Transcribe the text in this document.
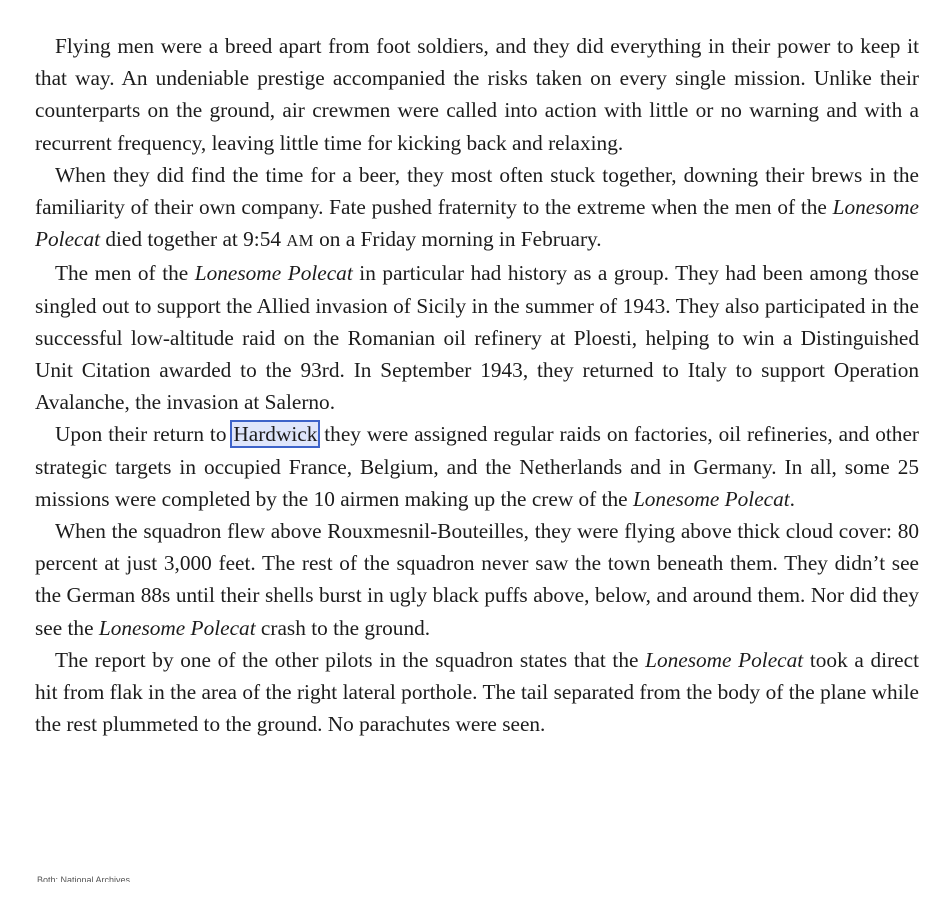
Flying men were a breed apart from foot soldiers, and they did everything in their power to keep it that way. An undeniable prestige accompanied the risks taken on every single mission. Unlike their counterparts on the ground, air crewmen were called into action with little or no warning and with a recurrent frequency, leaving little time for kicking back and relaxing.

When they did find the time for a beer, they most often stuck together, downing their brews in the familiarity of their own company. Fate pushed fraternity to the extreme when the men of the Lonesome Polecat died together at 9:54 AM on a Friday morning in February.

The men of the Lonesome Polecat in particular had history as a group. They had been among those singled out to support the Allied invasion of Sicily in the summer of 1943. They also participated in the successful low-altitude raid on the Romanian oil refinery at Ploesti, helping to win a Distinguished Unit Citation awarded to the 93rd. In September 1943, they returned to Italy to support Operation Avalanche, the invasion at Salerno.

Upon their return to Hardwick they were assigned regular raids on factories, oil refineries, and other strategic targets in occupied France, Belgium, and the Netherlands and in Germany. In all, some 25 missions were completed by the 10 airmen making up the crew of the Lonesome Polecat.

When the squadron flew above Rouxmesnil-Bouteilles, they were flying above thick cloud cover: 80 percent at just 3,000 feet. The rest of the squadron never saw the town beneath them. They didn’t see the German 88s until their shells burst in ugly black puffs above, below, and around them. Nor did they see the Lonesome Polecat crash to the ground.

The report by one of the other pilots in the squadron states that the Lonesome Polecat took a direct hit from flak in the area of the right lateral porthole. The tail separated from the body of the plane while the rest plummeted to the ground. No parachutes were seen.

Both: National Archives
